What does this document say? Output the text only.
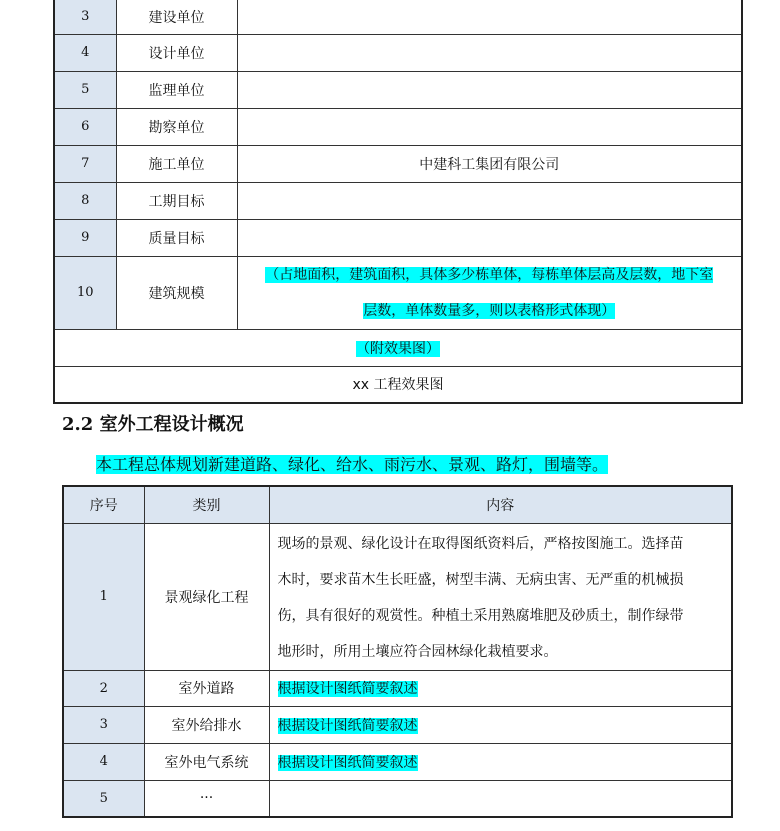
3	建设单位	
4	设计单位	
5	监理单位	
6	勘察单位	
7	施工单位	中建科工集团有限公司
8	工期目标	
9	质量目标	
10	建筑规模	（占地面积，建筑面积，具体多少栋单体，每栋单体层高及层数，地下室
层数，单体数量多，则以表格形式体现）
（附效果图）		
xx 工程效果图		
2.2 室外工程设计概况

本工程总体规划新建道路、绿化、给水、雨污水、景观、路灯，围墙等。

序号	类别	内容
1	景观绿化工程	现场的景观、绿化设计在取得图纸资料后，严格按图施工。选择苗
木时，要求苗木生长旺盛，树型丰满、无病虫害、无严重的机械损
伤，具有很好的观赏性。种植土采用熟腐堆肥及砂质土，制作绿带
地形时，所用土壤应符合园林绿化栽植要求。
2	室外道路	根据设计图纸简要叙述
3	室外给排水	根据设计图纸简要叙述
4	室外电气系统	根据设计图纸简要叙述
5	···	
